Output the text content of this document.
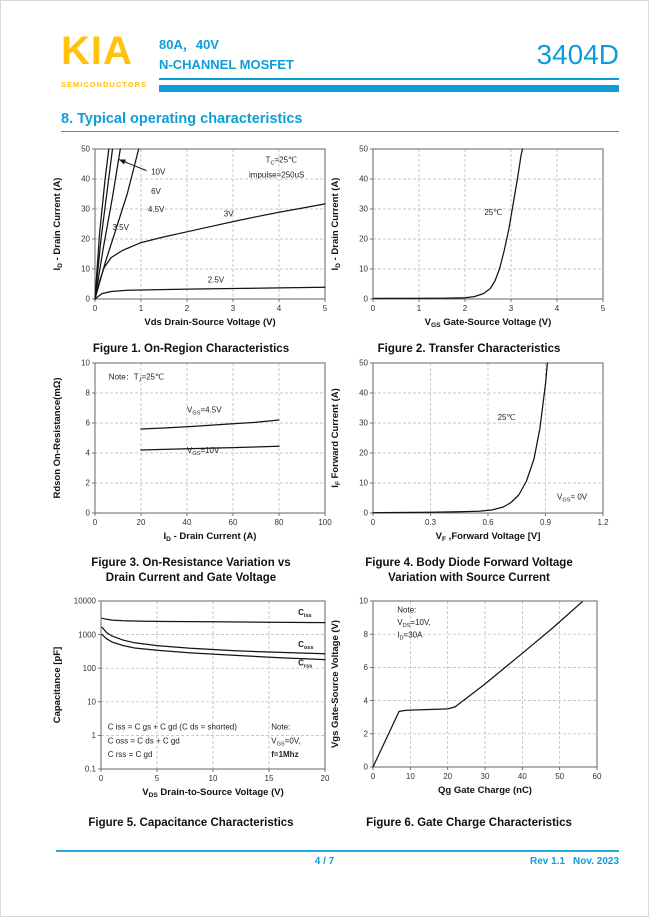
KIA
SEMICONDUCTORS
80A，40V
N-CHANNEL MOSFET	3404D
8. Typical operating characteristics
0	1	2	3	4	5
0
10
20
30
40
50
$T_C=25℃$
impulse=250uS
10V
6V
4.5V
3.5V
3V
2.5V
Vds Drain-Source Voltage (V)
$I_D$ - Drain Current (A)
Figure 1. On-Region Characteristics
0	1	2	3	4	5
0
10
20
30
40
50
25℃
$V_{GS}$ Gate-Source Voltage (V)
$I_D$ - Drain Current (A)
Figure 2. Transfer Characteristics
0	20	40	60	80	100
0
2
4
6
8
10
Note：$T_J=25℃$
$V_{GS}=4.5V$
$V_{GS}=10V$
$I_D$ - Drain Current (A)
Rdson On-Resistance(mΩ)
Figure 3. On-Resistance Variation vs
Drain Current and Gate Voltage
0	0.3	0.6	0.9	1.2
0
10
20
30
40
50
25℃
$V_{GS}= 0V$
$V_F$ ,Forward Voltage [V]
$I_F$ Forward Current (A)
Figure 4. Body Diode Forward Voltage
Variation with Source Current
0	5	10	15	20
10000
1000
100
10
1
0.1
$C_{iss}$
$C_{oss}$
$C_{rss}$
C iss = C gs + C gd (C ds = shorted)
C oss = C ds + C gd
C rss = C gd
Note:
$V_{GS}=0V$,
f=1Mhz
$V_{DS}$ Drain-to-Source Voltage (V)
Capacitance [pF]
Figure 5. Capacitance Characteristics
0	10	20	30	40	50	60
0
2
4
6
8
10
Note:
$V_{DS}=10V$,
$I_D=30A$
Qg Gate Charge (nC)
Vgs Gate-Source Voltage (V)
Figure 6. Gate Charge Characteristics
4 / 7	Rev 1.1 Nov. 2023
